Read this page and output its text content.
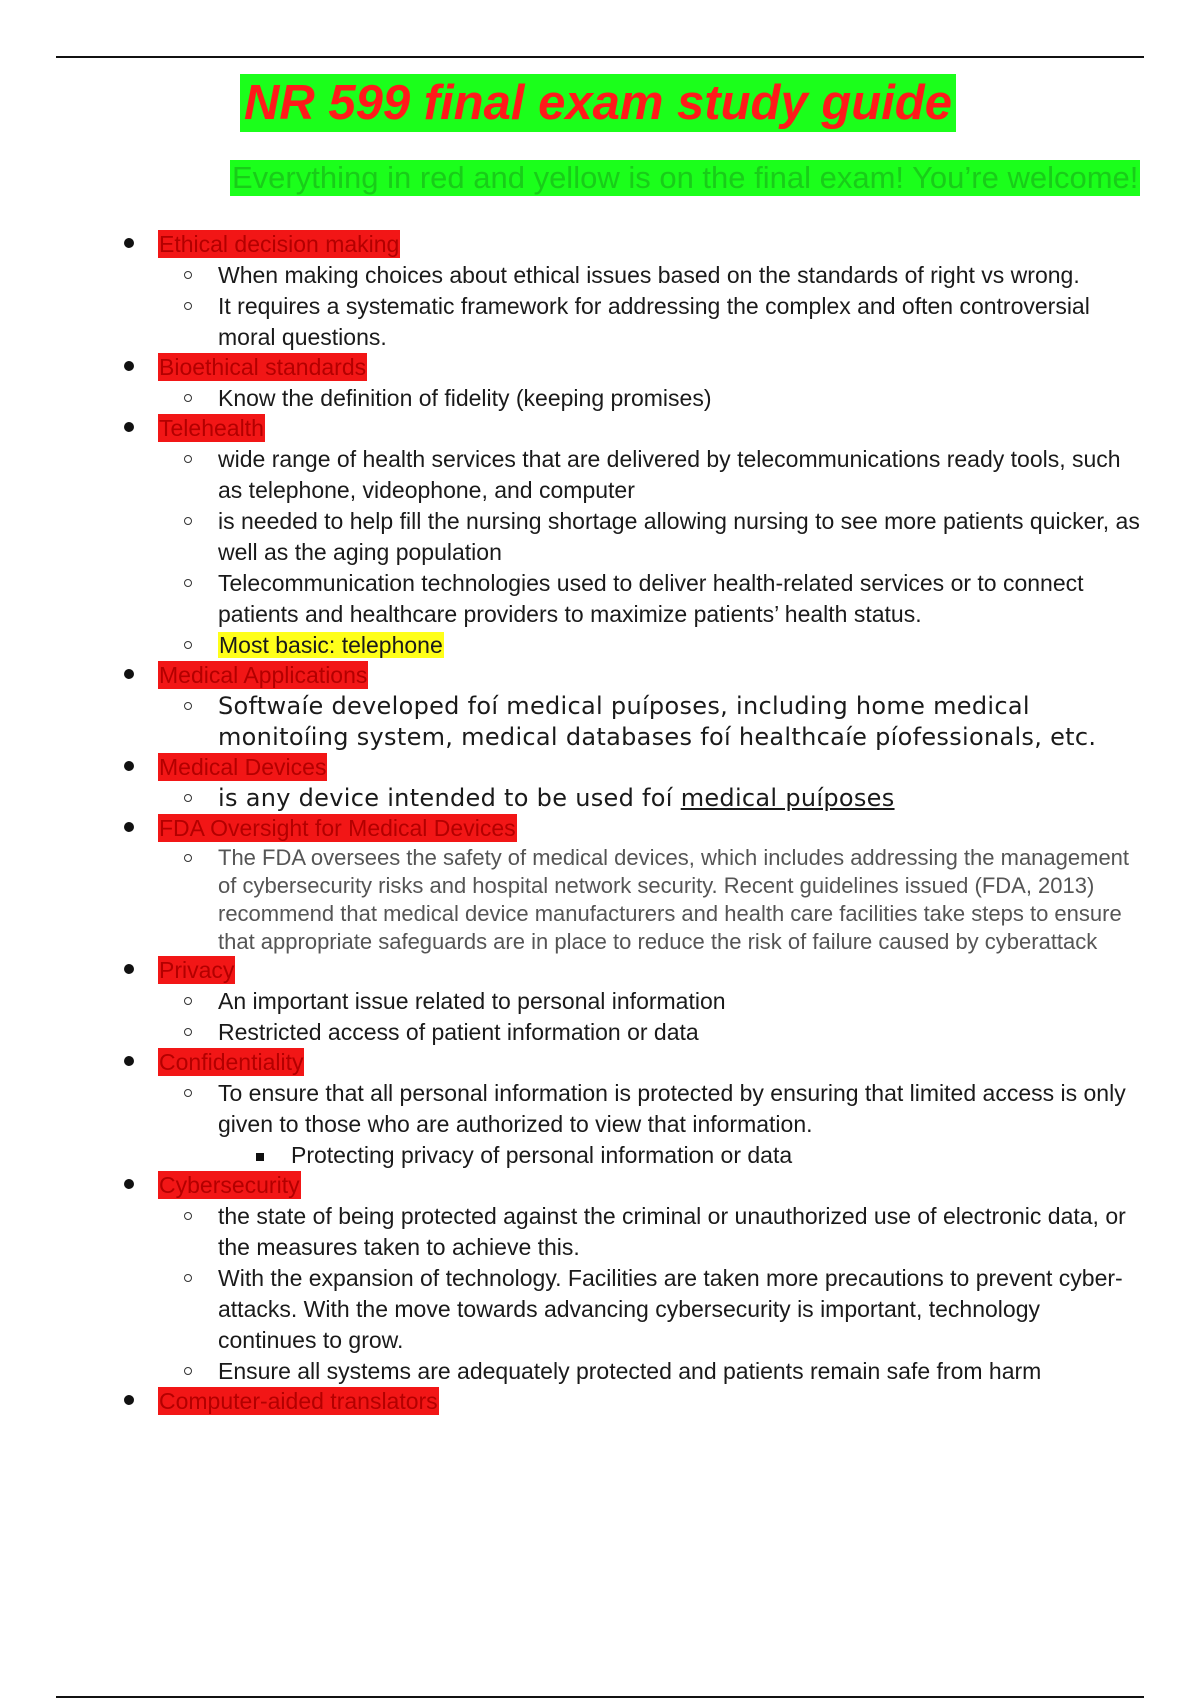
NR 599 final exam study guide
Everything in red and yellow is on the final exam! You’re welcome!
Ethical decision making
When making choices about ethical issues based on the standards of right vs wrong.
It requires a systematic framework for addressing the complex and often controversial moral questions.
Bioethical standards
Know the definition of fidelity (keeping promises)
Telehealth
wide range of health services that are delivered by telecommunications ready tools, such as telephone, videophone, and computer
is needed to help fill the nursing shortage allowing nursing to see more patients quicker, as well as the aging population
Telecommunication technologies used to deliver health-related services or to connect patients and healthcare providers to maximize patients’ health status.
Most basic: telephone
Medical Applications
Softwaíe developed foí medical puíposes, including home medical monitoíing system, medical databases foí healthcaíe píofessionals, etc.
Medical Devices
is any device intended to be used foí medical puíposes
FDA Oversight for Medical Devices
The FDA oversees the safety of medical devices, which includes addressing the management of cybersecurity risks and hospital network security. Recent guidelines issued (FDA, 2013) recommend that medical device manufacturers and health care facilities take steps to ensure that appropriate safeguards are in place to reduce the risk of failure caused by cyberattack
Privacy
An important issue related to personal information
Restricted access of patient information or data
Confidentiality
To ensure that all personal information is protected by ensuring that limited access is only given to those who are authorized to view that information.
Protecting privacy of personal information or data
Cybersecurity
the state of being protected against the criminal or unauthorized use of electronic data, or the measures taken to achieve this.
With the expansion of technology. Facilities are taken more precautions to prevent cyber-attacks. With the move towards advancing cybersecurity is important, technology continues to grow.
Ensure all systems are adequately protected and patients remain safe from harm
Computer-aided translators
